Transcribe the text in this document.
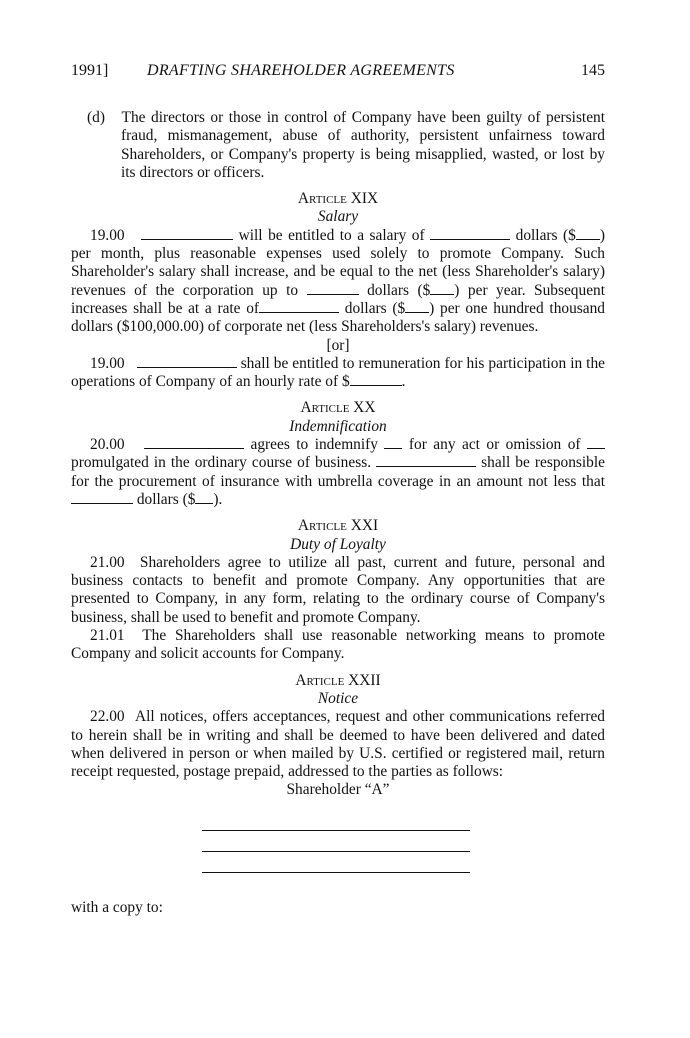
1991] DRAFTING SHAREHOLDER AGREEMENTS	145

(d) The directors or those in control of Company have been guilty of persistent fraud, mismanagement, abuse of authority, persistent unfairness toward Shareholders, or Company's property is being misapplied, wasted, or lost by its directors or officers.

Article XIX
Salary

19.00	will be entitled to a salary of	dollars ($ ) per month, plus reasonable expenses used solely to promote Company. Such Shareholder's salary shall increase, and be equal to the net (less Shareholder's salary) revenues of the corporation up to	dollars ($ ) per year. Subsequent increases shall be at a rate of	dollars ($ ) per one hundred thousand dollars ($100,000.00) of corporate net (less Shareholders's salary) revenues.

[or]

19.00	shall be entitled to remuneration for his participation in the operations of Company of an hourly rate of $	.

Article XX
Indemnification

20.00	agrees to indemnify for any act or omission of promulgated in the ordinary course of business.	shall be responsible for the procurement of insurance with umbrella coverage in an amount not less that  dollars ($ ).

Article XXI
Duty of Loyalty

21.00 Shareholders agree to utilize all past, current and future, personal and business contacts to benefit and promote Company. Any opportunities that are presented to Company, in any form, relating to the ordinary course of Company's business, shall be used to benefit and promote Company.

21.01 The Shareholders shall use reasonable networking means to promote Company and solicit accounts for Company.

Article XXII
Notice

22.00 All notices, offers acceptances, request and other communications referred to herein shall be in writing and shall be deemed to have been delivered and dated when delivered in person or when mailed by U.S. certified or registered mail, return receipt requested, postage prepaid, addressed to the parties as follows:

Shareholder “A”
with a copy to:
